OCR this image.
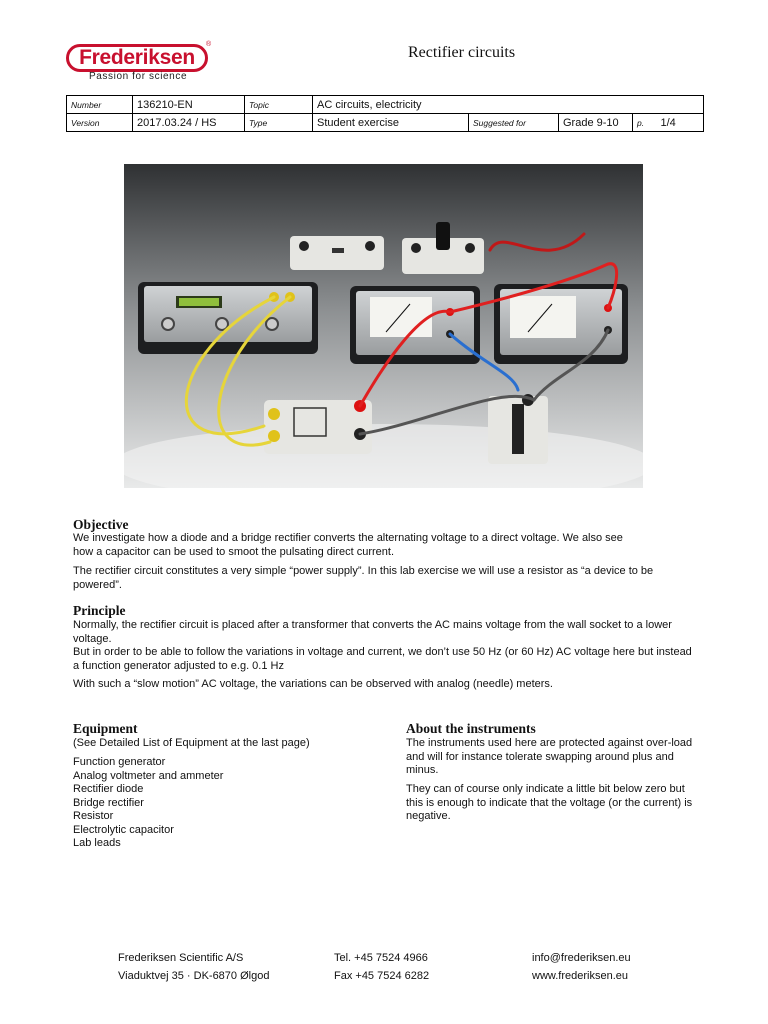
Frederiksen
®
Passion for science
Rectifier circuits
Number	136210-EN	Topic	AC circuits, electricity				
Version	2017.03.24 / HS	Type	Student exercise	Suggested for	Grade 9-10	p.	1/4
Objective
We investigate how a diode and a bridge rectifier converts the alternating voltage to a direct voltage. We also see how a capacitor can be used to smoot the pulsating direct current.
The rectifier circuit constitutes a very simple “power supply”. In this lab exercise we will use a resistor as “a device to be powered”.
Principle
Normally, the rectifier circuit is placed after a transformer that converts the AC mains voltage from the wall socket to a lower voltage.
But in order to be able to follow the variations in voltage and current, we don’t use 50 Hz (or 60 Hz) AC voltage here but instead a function generator adjusted to e.g. 0.1 Hz
With such a “slow motion” AC voltage, the variations can be observed with analog (needle) meters.
Equipment
(See Detailed List of Equipment at the last page)
Function generator
Analog voltmeter and ammeter
Rectifier diode
Bridge rectifier
Resistor
Electrolytic capacitor
Lab leads
About the instruments
The instruments used here are protected against over-load and will for instance tolerate swapping around plus and minus.
They can of course only indicate a little bit below zero but this is enough to indicate that the voltage (or the current) is negative.
Frederiksen Scientific A/S
Viaduktvej 35 · DK-6870 Ølgod
Tel. +45 7524 4966
Fax +45 7524 6282
info@frederiksen.eu
www.frederiksen.eu
